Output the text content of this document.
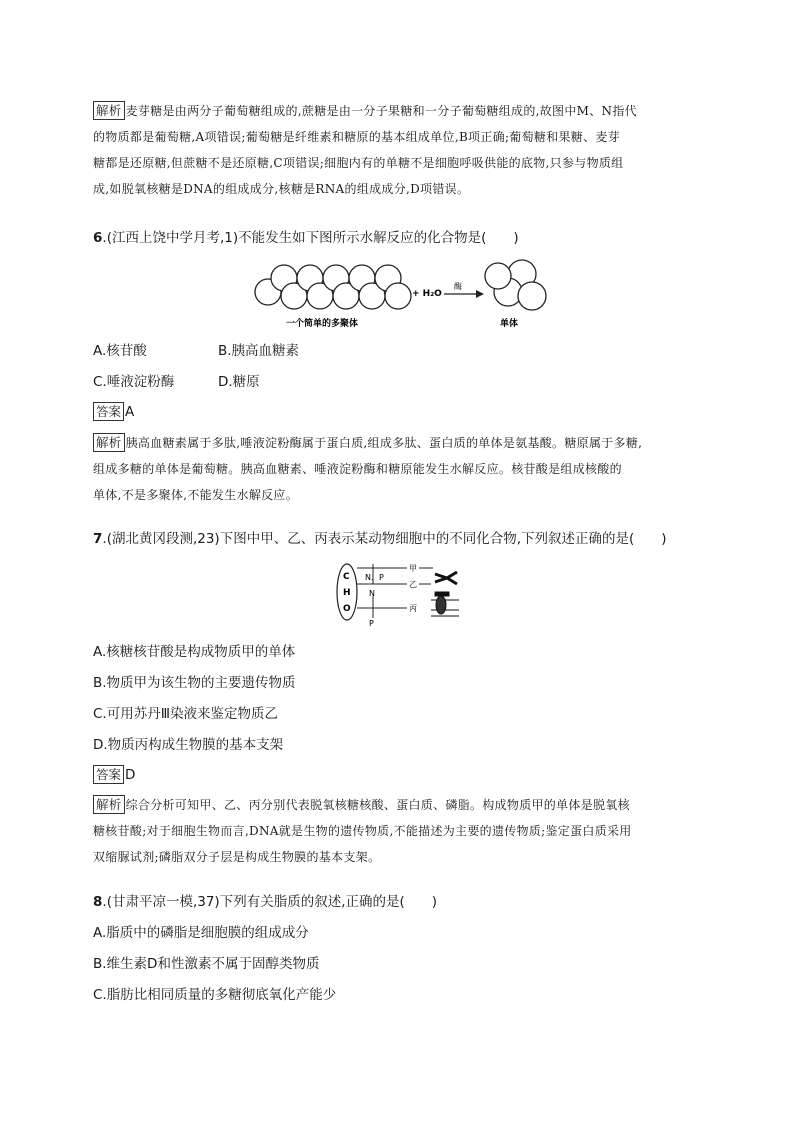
解析 麦芽糖是由两分子葡萄糖组成的,蔗糖是由一分子果糖和一分子葡萄糖组成的,故图中M、N指代
的物质都是葡萄糖,A项错误;葡萄糖是纤维素和糖原的基本组成单位,B项正确;葡萄糖和果糖、麦芽
糖都是还原糖,但蔗糖不是还原糖,C项错误;细胞内有的单糖不是细胞呼吸供能的底物,只参与物质组
成,如脱氧核糖是DNA的组成成分,核糖是RNA的组成成分,D项错误。
6.(江西上饶中学月考,1)不能发生如下图所示水解反应的化合物是(　　)
+ H₂O
酶
一个简单的多聚体	单体
A.核苷酸	B.胰高血糖素
C.唾液淀粉酶	D.糖原
答案 A
解析 胰高血糖素属于多肽,唾液淀粉酶属于蛋白质,组成多肽、蛋白质的单体是氨基酸。糖原属于多糖,
组成多糖的单体是葡萄糖。胰高血糖素、唾液淀粉酶和糖原能发生水解反应。核苷酸是组成核酸的
单体,不是多聚体,不能发生水解反应。
7.(湖北黄冈段测,23)下图中甲、乙、丙表示某动物细胞中的不同化合物,下列叙述正确的是(　　)
C
H
O
N、P
N
P
甲
乙
丙
A.核糖核苷酸是构成物质甲的单体
B.物质甲为该生物的主要遗传物质
C.可用苏丹Ⅲ染液来鉴定物质乙
D.物质丙构成生物膜的基本支架
答案 D
解析 综合分析可知甲、乙、丙分别代表脱氧核糖核酸、蛋白质、磷脂。构成物质甲的单体是脱氧核
糖核苷酸;对于细胞生物而言,DNA就是生物的遗传物质,不能描述为主要的遗传物质;鉴定蛋白质采用
双缩脲试剂;磷脂双分子层是构成生物膜的基本支架。
8.(甘肃平凉一模,37)下列有关脂质的叙述,正确的是(　　)
A.脂质中的磷脂是细胞膜的组成成分
B.维生素D和性激素不属于固醇类物质
C.脂肪比相同质量的多糖彻底氧化产能少
